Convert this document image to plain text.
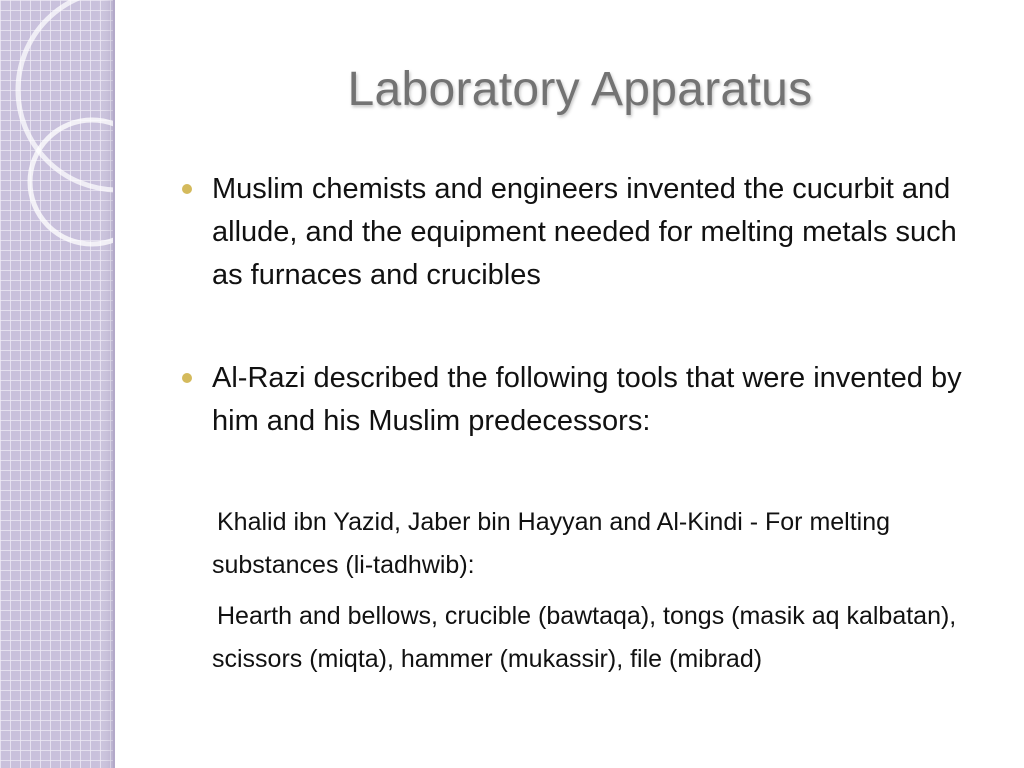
Laboratory Apparatus
Muslim chemists and engineers invented the cucurbit and allude, and the equipment needed for melting metals such as furnaces and crucibles
Al-Razi described the following tools that were invented by him and his Muslim predecessors:
Khalid ibn Yazid, Jaber bin Hayyan and Al-Kindi - For melting substances (li-tadhwib):
Hearth and bellows, crucible (bawtaqa), tongs (masik aq kalbatan), scissors (miqta), hammer (mukassir), file (mibrad)
